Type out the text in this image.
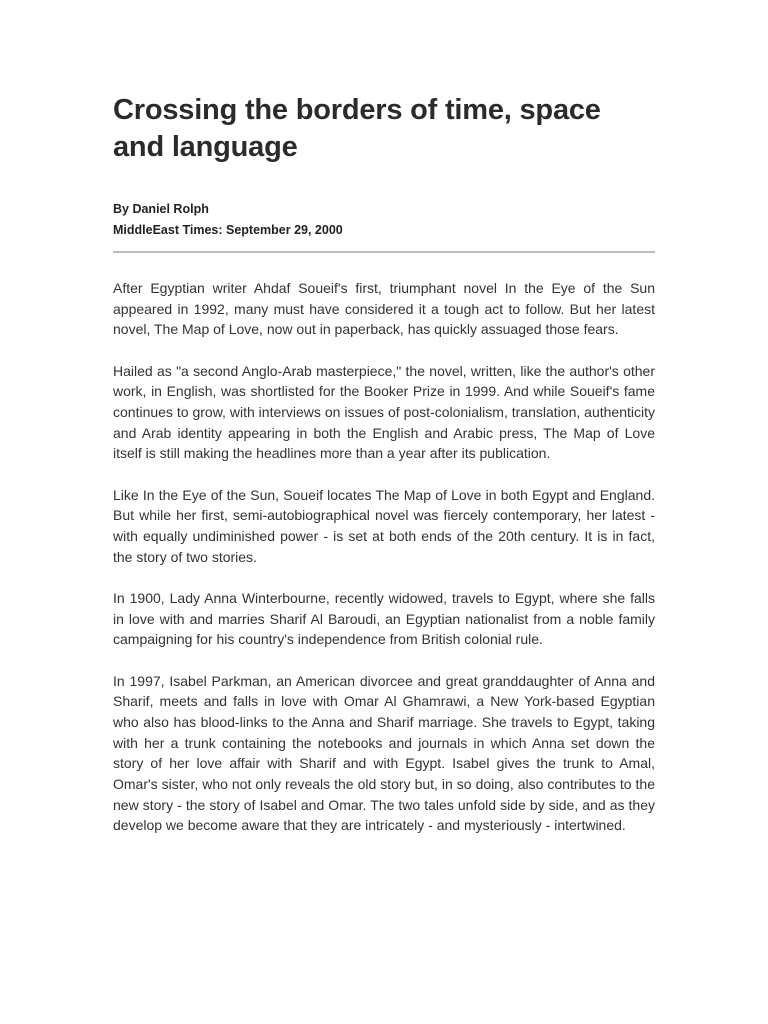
Crossing the borders of time, space and language
By Daniel Rolph
MiddleEast Times: September 29, 2000

After Egyptian writer Ahdaf Soueif's first, triumphant novel In the Eye of the Sun appeared in 1992, many must have considered it a tough act to follow. But her latest novel, The Map of Love, now out in paperback, has quickly assuaged those fears.

Hailed as "a second Anglo-Arab masterpiece," the novel, written, like the author's other work, in English, was shortlisted for the Booker Prize in 1999. And while Soueif's fame continues to grow, with interviews on issues of post-colonialism, translation, authenticity and Arab identity appearing in both the English and Arabic press, The Map of Love itself is still making the headlines more than a year after its publication.

Like In the Eye of the Sun, Soueif locates The Map of Love in both Egypt and England. But while her first, semi-autobiographical novel was fiercely contemporary, her latest - with equally undiminished power - is set at both ends of the 20th century. It is in fact, the story of two stories.

In 1900, Lady Anna Winterbourne, recently widowed, travels to Egypt, where she falls in love with and marries Sharif Al Baroudi, an Egyptian nationalist from a noble family campaigning for his country's independence from British colonial rule.

In 1997, Isabel Parkman, an American divorcee and great granddaughter of Anna and Sharif, meets and falls in love with Omar Al Ghamrawi, a New York-based Egyptian who also has blood-links to the Anna and Sharif marriage. She travels to Egypt, taking with her a trunk containing the notebooks and journals in which Anna set down the story of her love affair with Sharif and with Egypt. Isabel gives the trunk to Amal, Omar's sister, who not only reveals the old story but, in so doing, also contributes to the new story - the story of Isabel and Omar. The two tales unfold side by side, and as they develop we become aware that they are intricately - and mysteriously - intertwined.
